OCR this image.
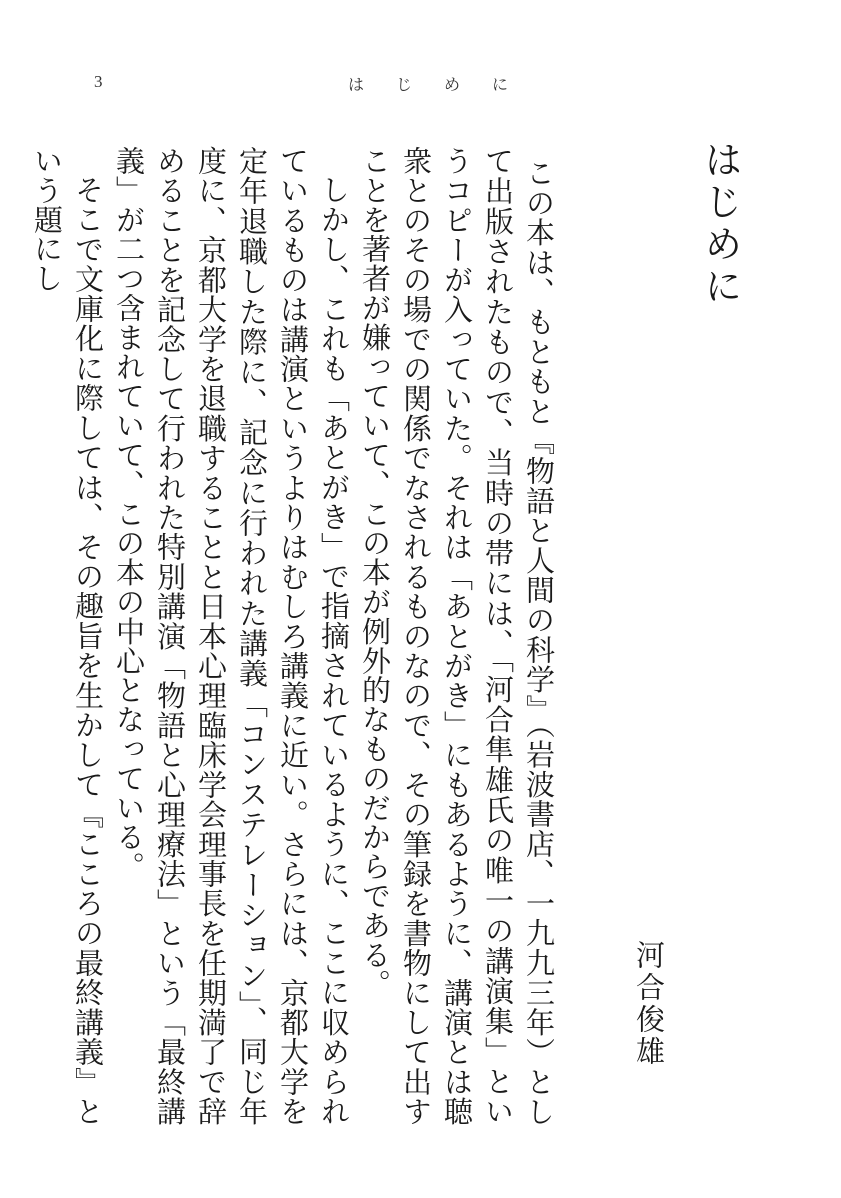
3	は じ め に
はじめに
河合俊雄

この本は、もともと『物語と人間の科学』（岩波書店、一九九三年）として出版されたもので、当時の帯には、「河合隼雄氏の唯一の講演集」というコピーが入っていた。それは「あとがき」にもあるように、講演とは聴衆とのその場での関係でなされるものなので、その筆録を書物にして出すことを著者が嫌っていて、この本が例外的なものだからである。

しかし、これも「あとがき」で指摘されているように、ここに収められているものは講演というよりはむしろ講義に近い。さらには、京都大学を定年退職した際に、記念に行われた講義「コンステレーション」、同じ年度に、京都大学を退職することと日本心理臨床学会理事長を任期満了で辞めることを記念して行われた特別講演「物語と心理療法」という「最終講義」が二つ含まれていて、この本の中心となっている。

そこで文庫化に際しては、その趣旨を生かして『こころの最終講義』という題にし
